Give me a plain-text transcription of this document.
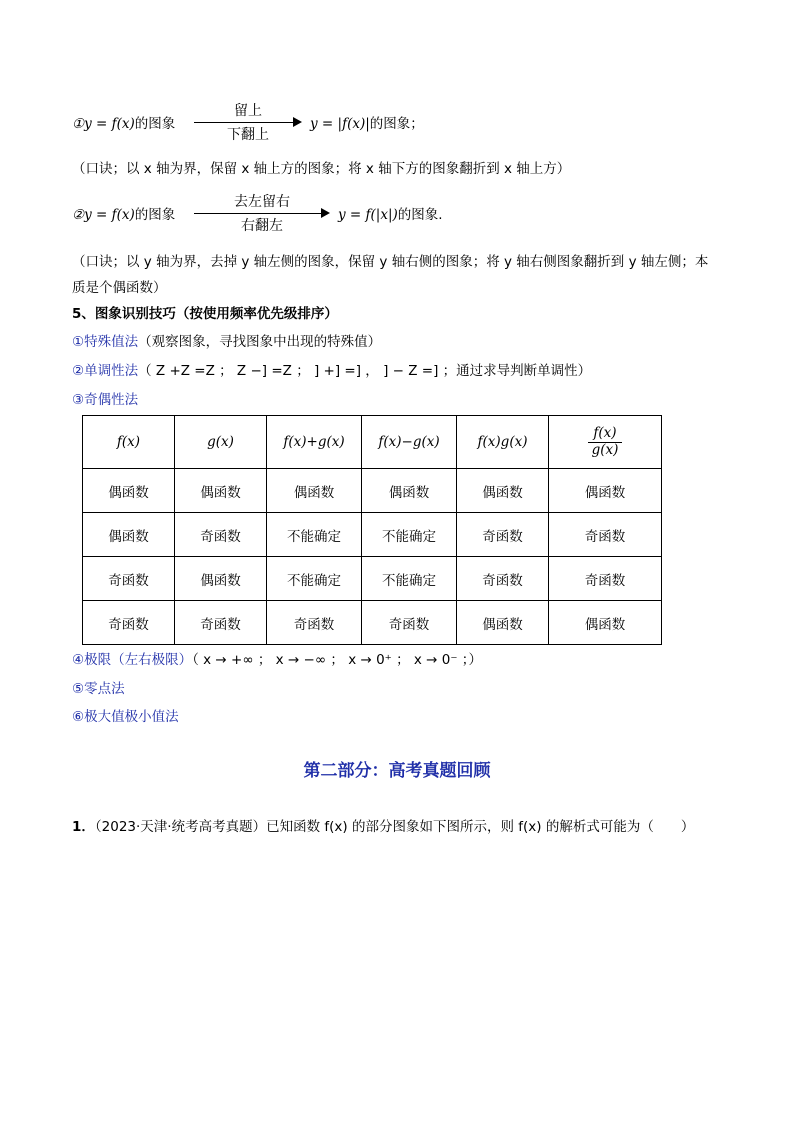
①y = f(x)的图象
留上
下翻上
y = |f(x)|的图象；
（口诀；以 x 轴为界，保留 x 轴上方的图象；将 x 轴下方的图象翻折到 x 轴上方）
②y = f(x)的图象
去左留右
右翻左
y = f(|x|)的图象.
（口诀；以 y 轴为界，去掉 y 轴左侧的图象，保留 y 轴右侧的图象；将 y 轴右侧图象翻折到 y 轴左侧；本
质是个偶函数）
5、图象识别技巧（按使用频率优先级排序）
①特殊值法（观察图象，寻找图象中出现的特殊值）
②单调性法（ Z +Z =Z ； Z −] =Z ； ] +] =] ， ] − Z =] ；通过求导判断单调性）
③奇偶性法
f(x)	g(x)	f(x)+g(x)	f(x)−g(x)	f(x)g(x)	$\frac{f(x)}{g(x)}$

偶函数	偶函数	偶函数	偶函数	偶函数	偶函数
偶函数	奇函数	不能确定	不能确定	奇函数	奇函数
奇函数	偶函数	不能确定	不能确定	奇函数	奇函数
奇函数	奇函数	奇函数	奇函数	偶函数	偶函数
④极限（左右极限）（ x → +∞ ； x → −∞ ； x → 0⁺ ； x → 0⁻ ；）
⑤零点法
⑥极大值极小值法
第二部分：高考真题回顾
1．（2023·天津·统考高考真题）已知函数 f(x) 的部分图象如下图所示，则 f(x) 的解析式可能为（　　）
